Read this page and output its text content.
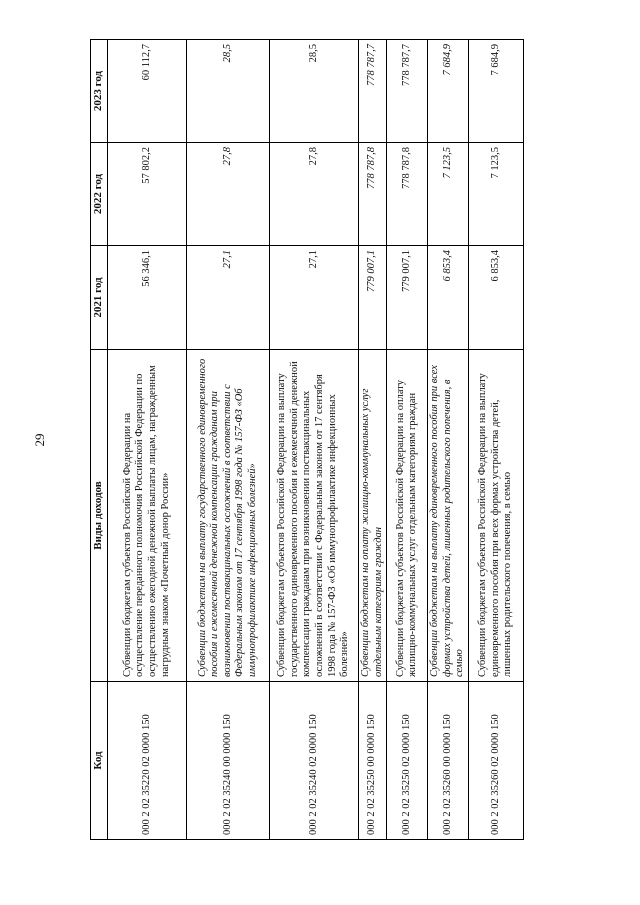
29
Код	Виды доходов	2021 год	2022 год	2023 год
000 2 02 35220 02 0000 150	Субвенции бюджетам субъектов Российской Федерации на осуществление переданного полномочия Российской Федерации по осуществлению ежегодной денежной выплаты лицам, награжденным нагрудным знаком «Почетный донор России»	56 346,1	57 802,2	60 112,7
000 2 02 35240 00 0000 150	Субвенции бюджетам на выплату государственного единовременного пособия и ежемесячной денежной компенсации гражданам при возникновении поствакцинальных осложнений в соответствии с Федеральным законом от 17 сентября 1998 года № 157-ФЗ «Об иммунопрофилактике инфекционных болезней»	27,1	27,8	28,5
000 2 02 35240 02 0000 150	Субвенции бюджетам субъектов Российской Федерации на выплату государственного единовременного пособия и ежемесячной денежной компенсации гражданам при возникновении поствакцинальных осложнений в соответствии с Федеральным законом от 17 сентября 1998 года № 157-ФЗ «Об иммунопрофилактике инфекционных болезней»	27,1	27,8	28,5
000 2 02 35250 00 0000 150	Субвенции бюджетам на оплату жилищно-коммунальных услуг отдельным категориям граждан	779 007,1	778 787,8	778 787,7
000 2 02 35250 02 0000 150	Субвенции бюджетам субъектов Российской Федерации на оплату жилищно-коммунальных услуг отдельным категориям граждан	779 007,1	778 787,8	778 787,7
000 2 02 35260 00 0000 150	Субвенции бюджетам на выплату единовременного пособия при всех формах устройства детей, лишенных родительского попечения, в семью	6 853,4	7 123,5	7 684,9
000 2 02 35260 02 0000 150	Субвенции бюджетам субъектов Российской Федерации на выплату единовременного пособия при всех формах устройства детей, лишенных родительского попечения, в семью	6 853,4	7 123,5	7 684,9
